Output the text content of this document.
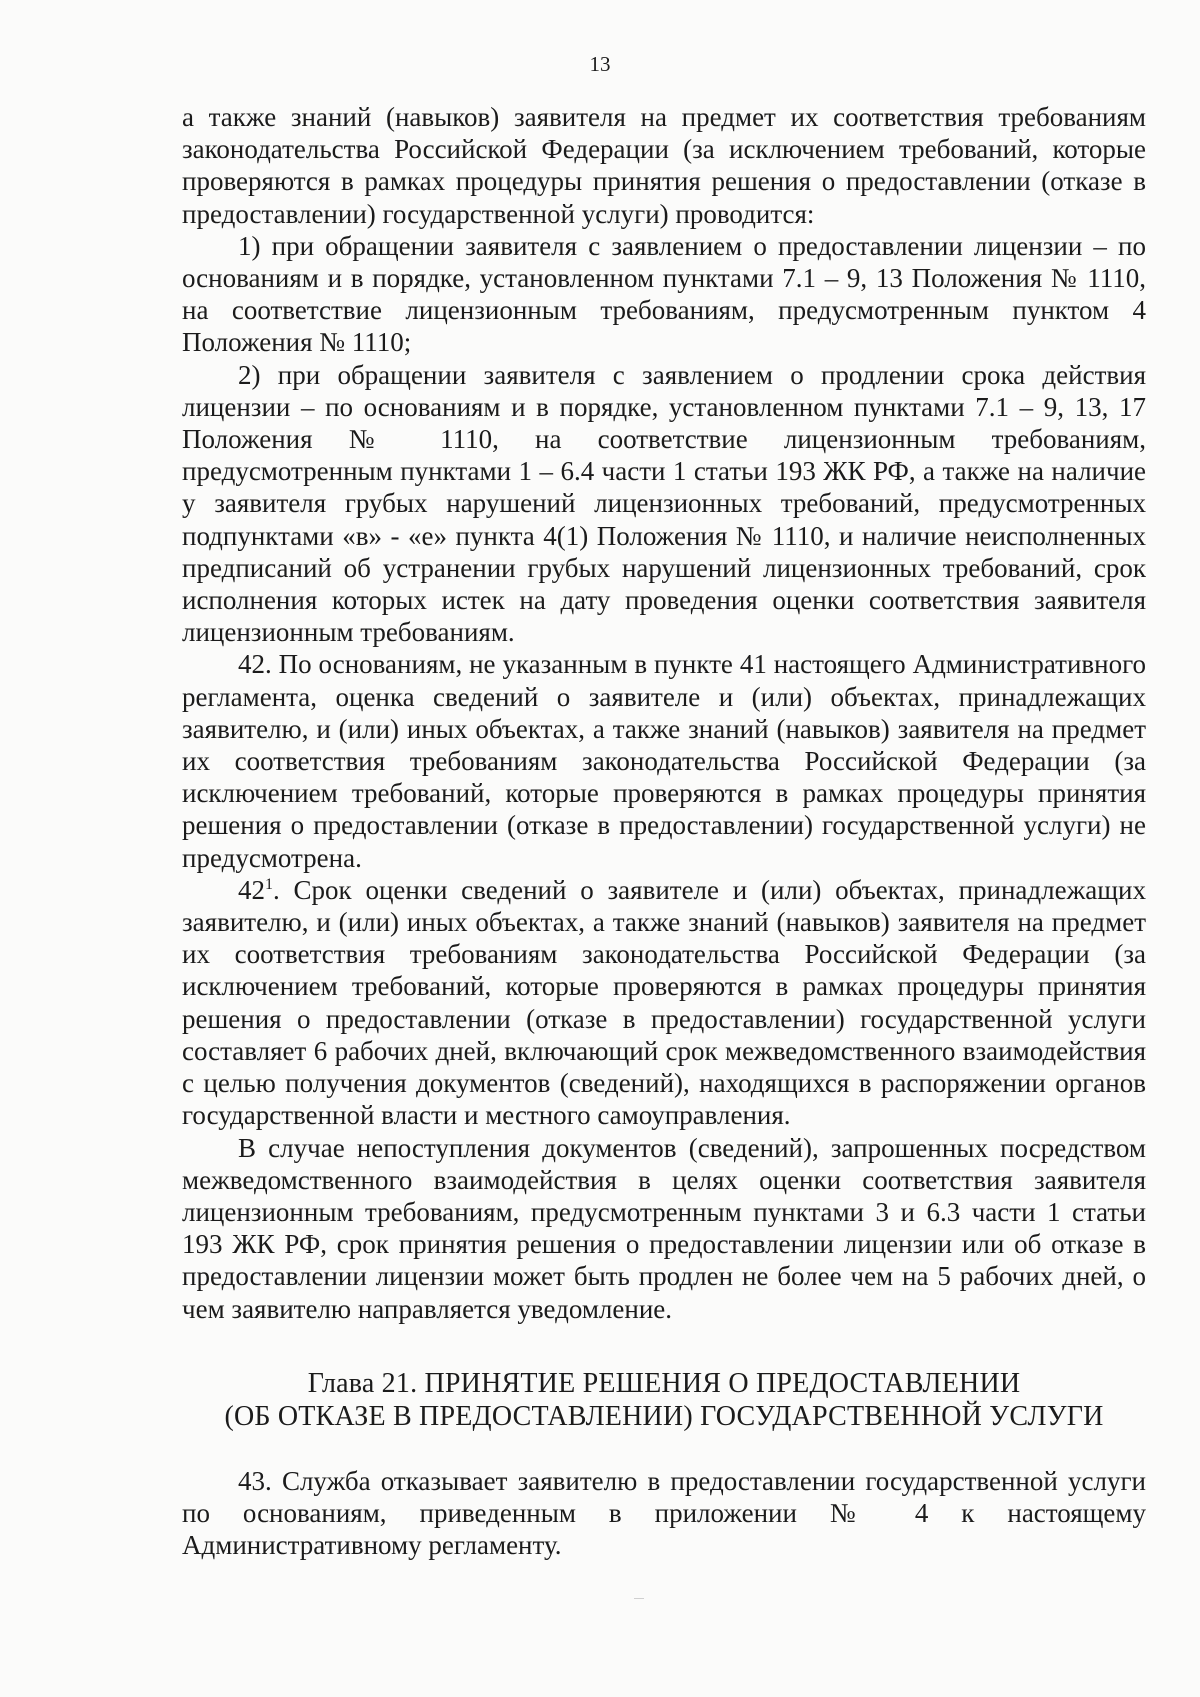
13

а также знаний (навыков) заявителя на предмет их соответствия требованиям законодательства Российской Федерации (за исключением требований, которые проверяются в рамках процедуры принятия решения о предоставлении (отказе в предоставлении) государственной услуги) проводится:

1) при обращении заявителя с заявлением о предоставлении лицензии – по основаниям и в порядке, установленном пунктами 7.1 – 9, 13 Положения № 1110, на соответствие лицензионным требованиям, предусмотренным пунктом 4 Положения № 1110;

2) при обращении заявителя с заявлением о продлении срока действия лицензии – по основаниям и в порядке, установленном пунктами 7.1 – 9, 13, 17 Положения № 1110, на соответствие лицензионным требованиям, предусмотренным пунктами 1 – 6.4 части 1 статьи 193 ЖК РФ, а также на наличие у заявителя грубых нарушений лицензионных требований, предусмотренных подпунктами «в» - «е» пункта 4(1) Положения № 1110, и наличие неисполненных предписаний об устранении грубых нарушений лицензионных требований, срок исполнения которых истек на дату проведения оценки соответствия заявителя лицензионным требованиям.

42. По основаниям, не указанным в пункте 41 настоящего Административного регламента, оценка сведений о заявителе и (или) объектах, принадлежащих заявителю, и (или) иных объектах, а также знаний (навыков) заявителя на предмет их соответствия требованиям законодательства Российской Федерации (за исключением требований, которые проверяются в рамках процедуры принятия решения о предоставлении (отказе в предоставлении) государственной услуги) не предусмотрена.

$42^1$. Срок оценки сведений о заявителе и (или) объектах, принадлежащих заявителю, и (или) иных объектах, а также знаний (навыков) заявителя на предмет их соответствия требованиям законодательства Российской Федерации (за исключением требований, которые проверяются в рамках процедуры принятия решения о предоставлении (отказе в предоставлении) государственной услуги составляет 6 рабочих дней, включающий срок межведомственного взаимодействия с целью получения документов (сведений), находящихся в распоряжении органов государственной власти и местного самоуправления.

В случае непоступления документов (сведений), запрошенных посредством межведомственного взаимодействия в целях оценки соответствия заявителя лицензионным требованиям, предусмотренным пунктами 3 и 6.3 части 1 статьи 193 ЖК РФ, срок принятия решения о предоставлении лицензии или об отказе в предоставлении лицензии может быть продлен не более чем на 5 рабочих дней, о чем заявителю направляется уведомление.

Глава 21. ПРИНЯТИЕ РЕШЕНИЯ О ПРЕДОСТАВЛЕНИИ
(ОБ ОТКАЗЕ В ПРЕДОСТАВЛЕНИИ) ГОСУДАРСТВЕННОЙ УСЛУГИ

43. Служба отказывает заявителю в предоставлении государственной услуги по основаниям, приведенным в приложении № 4 к настоящему Административному регламенту.
